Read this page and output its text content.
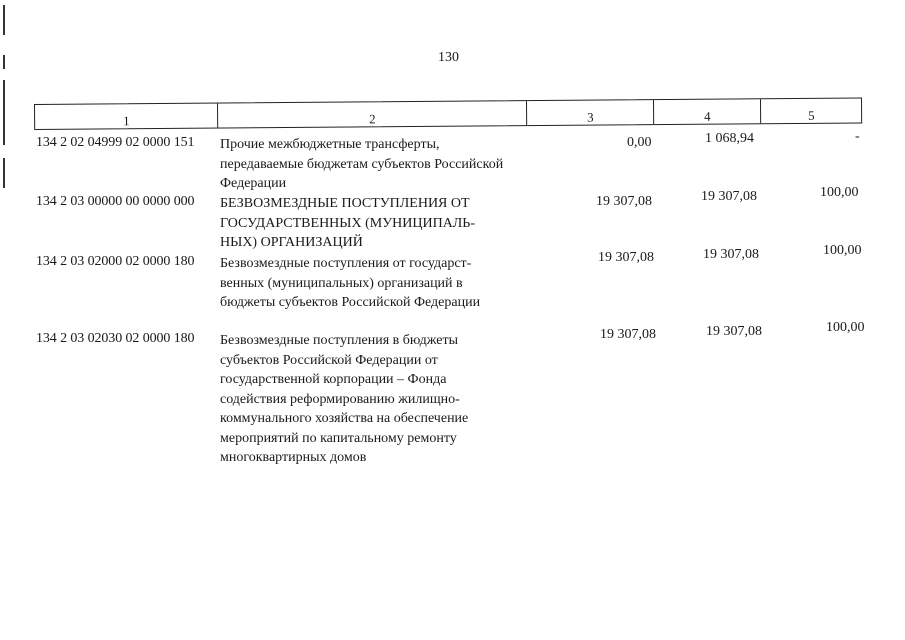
130
1	2	3	4	5
134 2 02 04999 02 0000 151 Прочие межбюджетные трансферты,
передаваемые бюджетам субъектов Российской
Федерации
0,00	1 068,94	-
134 2 03 00000 00 0000 000 БЕЗВОЗМЕЗДНЫЕ ПОСТУПЛЕНИЯ ОТ
ГОСУДАРСТВЕННЫХ (МУНИЦИПАЛЬ-
НЫХ) ОРГАНИЗАЦИЙ
19 307,08	19 307,08	100,00
134 2 03 02000 02 0000 180 Безвозмездные поступления от государст-
венных (муниципальных) организаций в
бюджеты субъектов Российской Федерации
19 307,08	19 307,08	100,00
134 2 03 02030 02 0000 180 Безвозмездные поступления в бюджеты
субъектов Российской Федерации от
государственной корпорации – Фонда
содействия реформированию жилищно-
коммунального хозяйства на обеспечение
мероприятий по капитальному ремонту
многоквартирных домов
19 307,08	19 307,08	100,00
